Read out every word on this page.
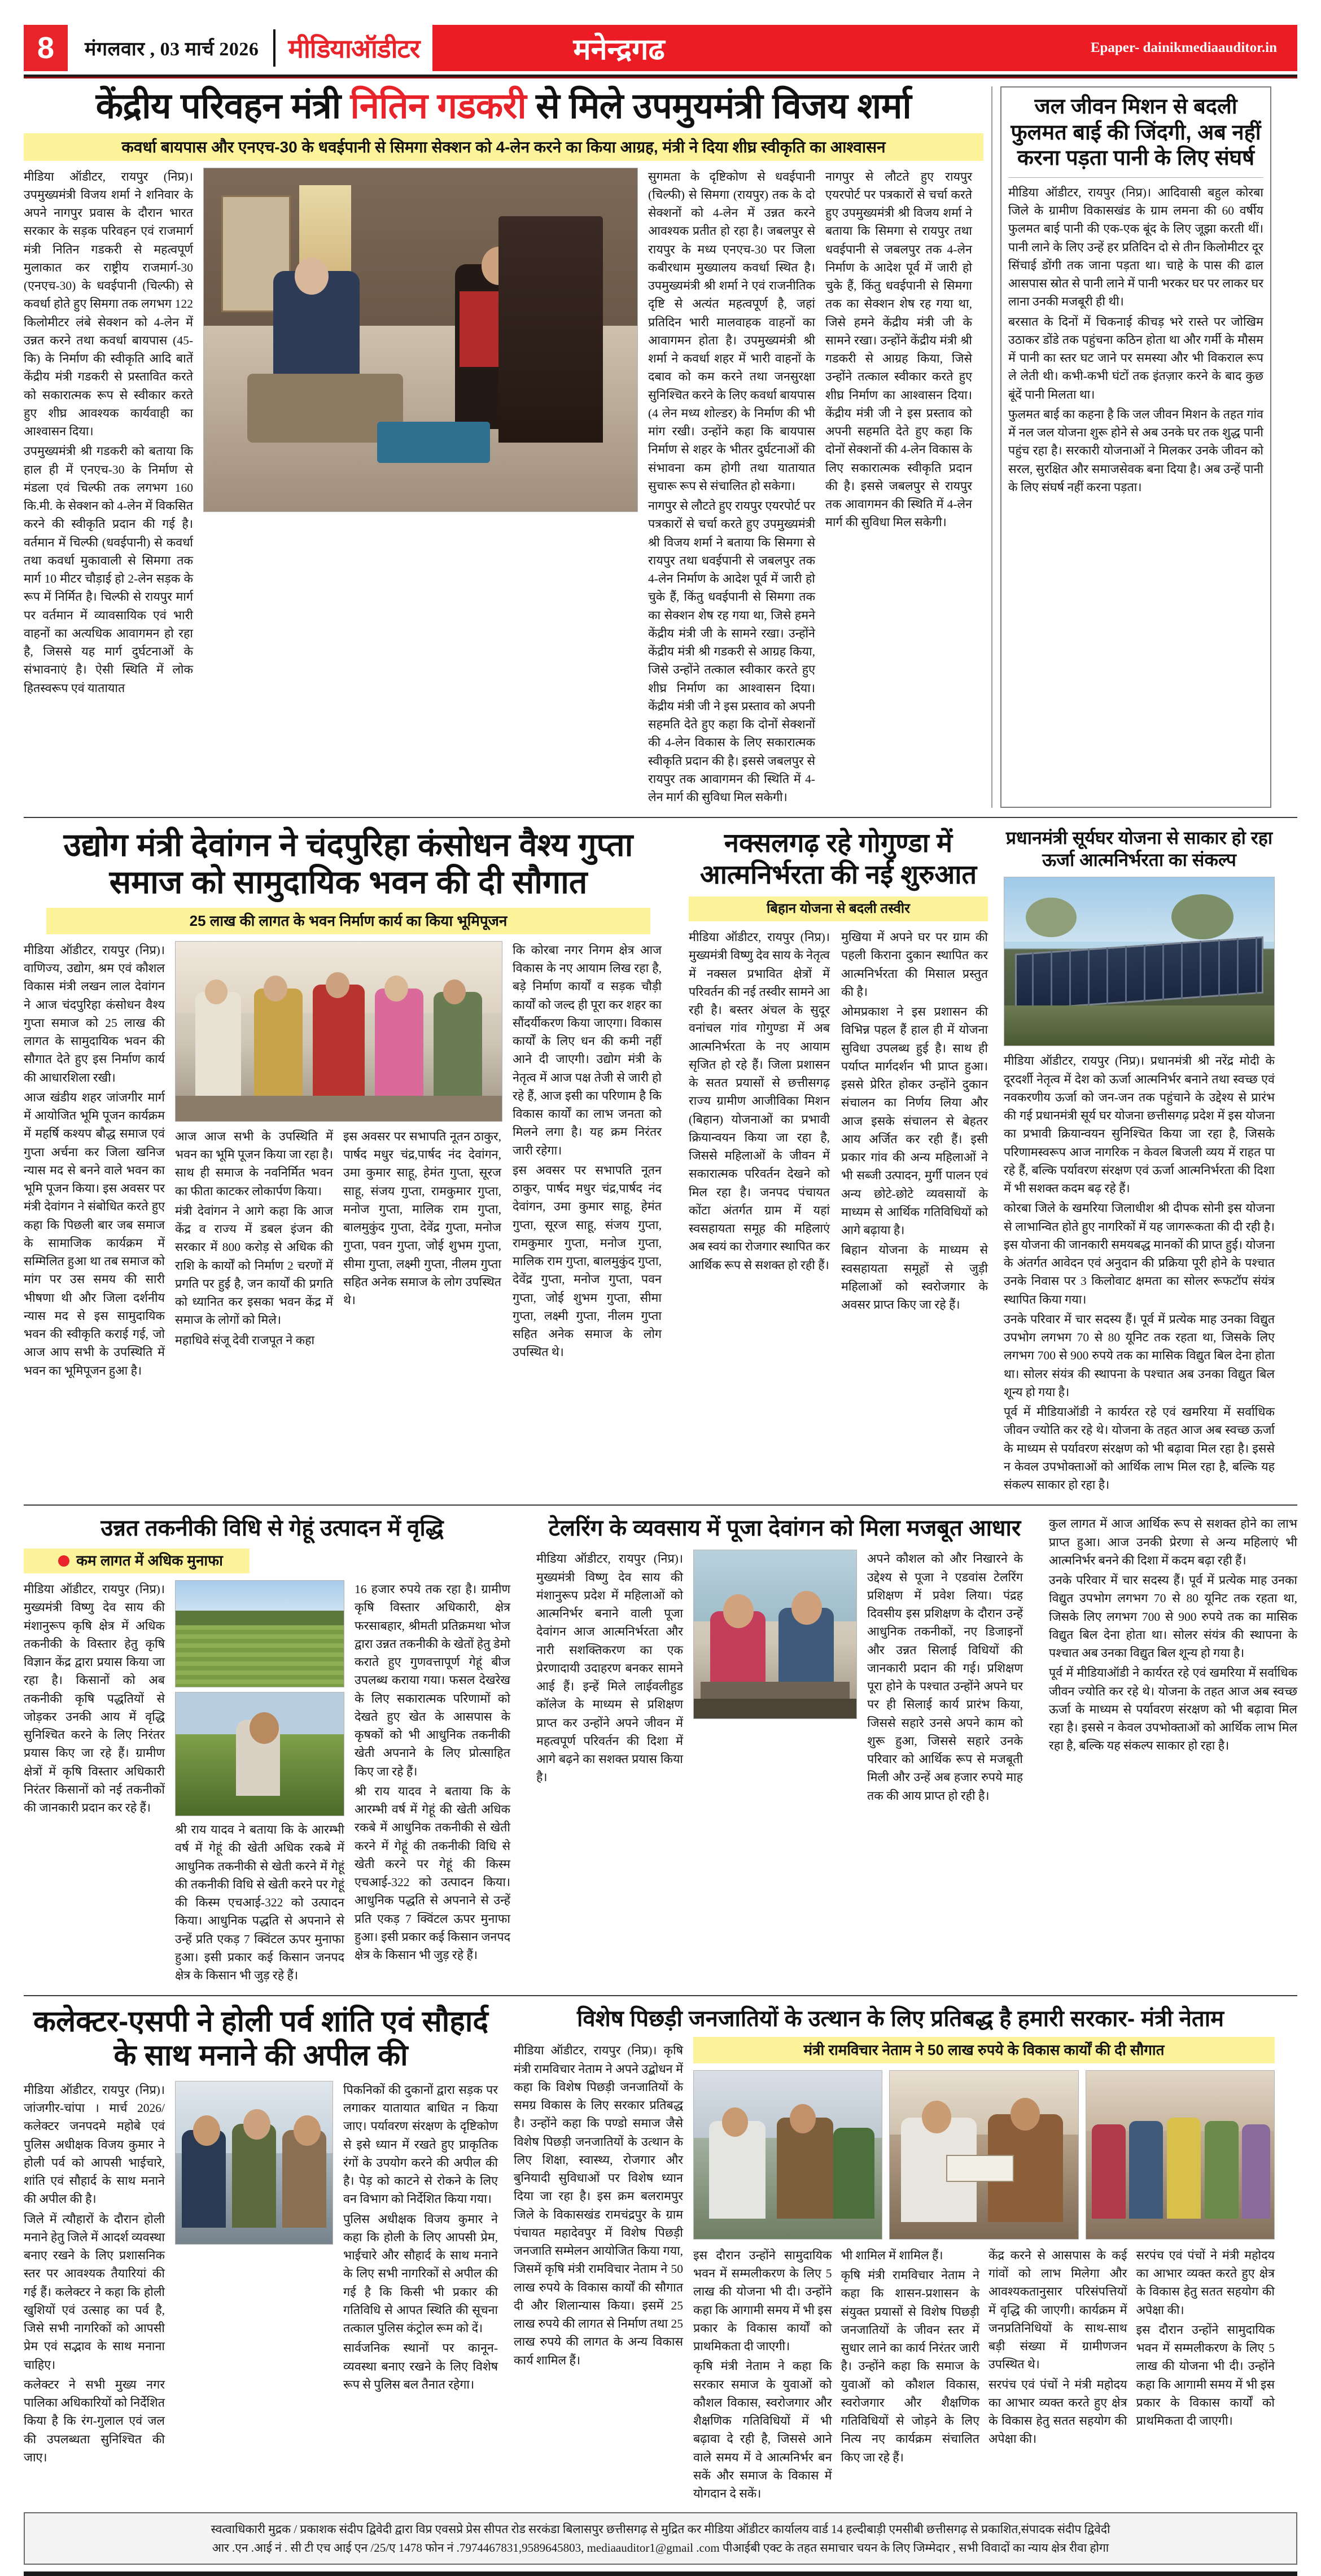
8	मंगलवार , 03 मार्च 2026	मीडियाऑडीटर	मनेन्द्रगढ	Epaper- dainikmediaauditor.in
केंद्रीय परिवहन मंत्री नितिन गडकरी से मिले उपमुयमंत्री विजय शर्मा
कवर्धा बायपास और एनएच-30 के धवईपानी से सिमगा सेक्शन को 4-लेन करने का किया आग्रह, मंत्री ने दिया शीघ्र स्वीकृति का आश्वासन

मीडिया ऑडीटर, रायपुर (निप्र)। उपमुख्यमंत्री विजय शर्मा ने शनिवार के अपने नागपुर प्रवास के दौरान भारत सरकार के सड़क परिवहन एवं राजमार्ग मंत्री नितिन गडकरी से महत्वपूर्ण मुलाकात कर राष्ट्रीय राजमार्ग-30 (एनएच-30) के धवईपानी (चिल्फी) से कवर्धा होते हुए सिमगा तक लगभग 122 किलोमीटर लंबे सेक्शन को 4-लेन में उन्नत करने तथा कवर्धा बायपास (45-कि) के निर्माण की स्वीकृति आदि बातें केंद्रीय मंत्री गडकरी से प्रस्तावित करते को सकारात्मक रूप से स्वीकार करते हुए शीघ्र आवश्यक कार्यवाही का आश्वासन दिया।

उपमुख्यमंत्री श्री गडकरी को बताया कि हाल ही में एनएच-30 के निर्माण से मंडला एवं चिल्फी तक लगभग 160 कि.मी. के सेक्शन को 4-लेन में विकसित करने की स्वीकृति प्रदान की गई है। वर्तमान में चिल्फी (धवईपानी) से कवर्धा तथा कवर्धा मुकावाली से सिमगा तक मार्ग 10 मीटर चौड़ाई हो 2-लेन सड़क के रूप में निर्मित है। चिल्फी से रायपुर मार्ग पर वर्तमान में व्यावसायिक एवं भारी वाहनों का अत्यधिक आवागमन हो रहा है, जिससे यह मार्ग दुर्घटनाओं के संभावनाएं है। ऐसी स्थिति में लोक हितस्वरूप एवं यातायात

सुगमता के दृष्टिकोण से धवईपानी (चिल्फी) से सिमगा (रायपुर) तक के दो सेक्शनों को 4-लेन में उन्नत करने आवश्यक प्रतीत हो रहा है। जबलपुर से रायपुर के मध्य एनएच-30 पर जिला कबीरधाम मुख्यालय कवर्धा स्थित है। उपमुख्यमंत्री श्री शर्मा ने एवं राजनीतिक दृष्टि से अत्यंत महत्वपूर्ण है, जहां प्रतिदिन भारी मालवाहक वाहनों का आवागमन होता है। उपमुख्यमंत्री श्री शर्मा ने कवर्धा शहर में भारी वाहनों के दबाव को कम करने तथा जनसुरक्षा सुनिश्चित करने के लिए कवर्धा बायपास (4 लेन मध्य शोल्डर) के निर्माण की भी मांग रखी। उन्होंने कहा कि बायपास निर्माण से शहर के भीतर दुर्घटनाओं की संभावना कम होगी तथा यातायात सुचारू रूप से संचालित हो सकेगा।

नागपुर से लौटते हुए रायपुर एयरपोर्ट पर पत्रकारों से चर्चा करते हुए उपमुख्यमंत्री श्री विजय शर्मा ने बताया कि सिमगा से रायपुर तथा धवईपानी से जबलपुर तक 4-लेन निर्माण के आदेश पूर्व में जारी हो चुके हैं, किंतु धवईपानी से सिमगा तक का सेक्शन शेष रह गया था, जिसे हमने केंद्रीय मंत्री जी के सामने रखा। उन्होंने केंद्रीय मंत्री श्री गडकरी से आग्रह किया, जिसे उन्होंने तत्काल स्वीकार करते हुए शीघ्र निर्माण का आश्वासन दिया। केंद्रीय मंत्री जी ने इस प्रस्ताव को अपनी सहमति देते हुए कहा कि दोनों सेक्शनों की 4-लेन विकास के लिए सकारात्मक स्वीकृति प्रदान की है। इससे जबलपुर से रायपुर तक आवागमन की स्थिति में 4-लेन मार्ग की सुविधा मिल सकेगी।

नागपुर से लौटते हुए रायपुर एयरपोर्ट पर पत्रकारों से चर्चा करते हुए उपमुख्यमंत्री श्री विजय शर्मा ने बताया कि सिमगा से रायपुर तथा धवईपानी से जबलपुर तक 4-लेन निर्माण के आदेश पूर्व में जारी हो चुके हैं, किंतु धवईपानी से सिमगा तक का सेक्शन शेष रह गया था, जिसे हमने केंद्रीय मंत्री जी के सामने रखा। उन्होंने केंद्रीय मंत्री श्री गडकरी से आग्रह किया, जिसे उन्होंने तत्काल स्वीकार करते हुए शीघ्र निर्माण का आश्वासन दिया। केंद्रीय मंत्री जी ने इस प्रस्ताव को अपनी सहमति देते हुए कहा कि दोनों सेक्शनों की 4-लेन विकास के लिए सकारात्मक स्वीकृति प्रदान की है। इससे जबलपुर से रायपुर तक आवागमन की स्थिति में 4-लेन मार्ग की सुविधा मिल सकेगी।

जल जीवन मिशन से बदली फुलमत बाई की जिंदगी, अब नहीं करना पड़ता पानी के लिए संघर्ष

मीडिया ऑडीटर, रायपुर (निप्र)। आदिवासी बहुल कोरबा जिले के ग्रामीण विकासखंड के ग्राम लमना की 60 वर्षीय फुलमत बाई पानी की एक-एक बूंद के लिए जूझा करती थीं। पानी लाने के लिए उन्हें हर प्रतिदिन दो से तीन किलोमीटर दूर सिंचाई डोंगी तक जाना पड़ता था। चाहे के पास की ढाल आसपास स्रोत से पानी लाने में पानी भरकर घर पर लाकर घर लाना उनकी मजबूरी ही थी।

बरसात के दिनों में चिकनाई कीचड़ भरे रास्ते पर जोखिम उठाकर डोंडे तक पहुंचना कठिन होता था और गर्मी के मौसम में पानी का स्तर घट जाने पर समस्या और भी विकराल रूप ले लेती थी। कभी-कभी घंटों तक इंतज़ार करने के बाद कुछ बूंदें पानी मिलता था।

फुलमत बाई का कहना है कि जल जीवन मिशन के तहत गांव में नल जल योजना शुरू होने से अब उनके घर तक शुद्ध पानी पहुंच रहा है। सरकारी योजनाओं ने मिलकर उनके जीवन को सरल, सुरक्षित और समाजसेवक बना दिया है। अब उन्हें पानी के लिए संघर्ष नहीं करना पड़ता।

उद्योग मंत्री देवांगन ने चंदपुरिहा कंसोधन वैश्य गुप्ता समाज को सामुदायिक भवन की दी सौगात
25 लाख की लागत के भवन निर्माण कार्य का किया भूमिपूजन

मीडिया ऑडीटर, रायपुर (निप्र)। वाणिज्य, उद्योग, श्रम एवं कौशल विकास मंत्री लखन लाल देवांगन ने आज चंदपुरिहा कंसोधन वैश्य गुप्ता समाज को 25 लाख की लागत के सामुदायिक भवन की सौगात देते हुए इस निर्माण कार्य की आधारशिला रखी।

आज खंडीय शहर जांजगीर मार्ग में आयोजित भूमि पूजन कार्यक्रम में महर्षि कश्यप बौद्ध समाज एवं गुप्ता अर्चना कर जिला खनिज न्यास मद से बनने वाले भवन का भूमि पूजन किया। इस अवसर पर मंत्री देवांगन ने संबोधित करते हुए कहा कि पिछली बार जब समाज के सामाजिक कार्यक्रम में सम्मिलित हुआ था तब समाज को मांग पर उस समय की सारी भीषणा थी और जिला दर्शनीय न्यास मद से इस सामुदायिक भवन की स्वीकृति कराई गई, जो आज आप सभी के उपस्थिति में भवन का भूमिपूजन हुआ है।

आज आज सभी के उपस्थिति में भवन का भूमि पूजन किया जा रहा है। साथ ही समाज के नवनिर्मित भवन का फीता काटकर लोकार्पण किया।

मंत्री देवांगन ने आगे कहा कि आज केंद्र व राज्य में डबल इंजन की सरकार में 800 करोड़ से अधिक की राशि के कार्यों को निर्माण 2 चरणों में प्रगति पर हुई है, जन कार्यों की प्रगति को ध्यानित कर इसका भवन केंद्र में समाज के लोगों को मिले।

महाधिवे संजू देवी राजपूत ने कहा

इस अवसर पर सभापति नूतन ठाकुर, पार्षद मधुर चंद्र,पार्षद नंद देवांगन, उमा कुमार साहू, हेमंत गुप्ता, सूरज साहू, संजय गुप्ता, रामकुमार गुप्ता, मनोज गुप्ता, मालिक राम गुप्ता, बालमुकुंद गुप्ता, देवेंद्र गुप्ता, मनोज गुप्ता, पवन गुप्ता, जोई शुभम गुप्ता, सीमा गुप्ता, लक्ष्मी गुप्ता, नीलम गुप्ता सहित अनेक समाज के लोग उपस्थित थे।

कि कोरबा नगर निगम क्षेत्र आज विकास के नए आयाम लिख रहा है, बड़े निर्माण कार्यों व सड़क चौड़ी कार्यों को जल्द ही पूरा कर शहर का सौंदर्यीकरण किया जाएगा। विकास कार्यों के लिए धन की कमी नहीं आने दी जाएगी। उद्योग मंत्री के नेतृत्व में आज पक्ष तेजी से जारी हो रहे हैं, आज इसी का परिणाम है कि विकास कार्यों का लाभ जनता को मिलने लगा है। यह क्रम निरंतर जारी रहेगा।

इस अवसर पर सभापति नूतन ठाकुर, पार्षद मधुर चंद्र,पार्षद नंद देवांगन, उमा कुमार साहू, हेमंत गुप्ता, सूरज साहू, संजय गुप्ता, रामकुमार गुप्ता, मनोज गुप्ता, मालिक राम गुप्ता, बालमुकुंद गुप्ता, देवेंद्र गुप्ता, मनोज गुप्ता, पवन गुप्ता, जोई शुभम गुप्ता, सीमा गुप्ता, लक्ष्मी गुप्ता, नीलम गुप्ता सहित अनेक समाज के लोग उपस्थित थे।

नक्सलगढ़ रहे गोगुण्डा में आत्मनिर्भरता की नई शुरुआत
बिहान योजना से बदली तस्वीर

मीडिया ऑडीटर, रायपुर (निप्र)। मुख्यमंत्री विष्णु देव साय के नेतृत्व में नक्सल प्रभावित क्षेत्रों में परिवर्तन की नई तस्वीर सामने आ रही है। बस्तर अंचल के सुदूर वनांचल गांव गोगुण्डा में अब आत्मनिर्भरता के नए आयाम सृजित हो रहे हैं। जिला प्रशासन के सतत प्रयासों से छत्तीसगढ़ राज्य ग्रामीण आजीविका मिशन (बिहान) योजनाओं का प्रभावी क्रियान्वयन किया जा रहा है, जिससे महिलाओं के जीवन में सकारात्मक परिवर्तन देखने को मिल रहा है। जनपद पंचायत कोंटा अंतर्गत ग्राम में यहां स्वसहायता समूह की महिलाएं अब स्वयं का रोजगार स्थापित कर आर्थिक रूप से सशक्त हो रही हैं।

मुखिया में अपने घर पर ग्राम की पहली किराना दुकान स्थापित कर आत्मनिर्भरता की मिसाल प्रस्तुत की है।

ओमप्रकाश ने इस प्रशासन की विभिन्न पहल हैं हाल ही में योजना सुविधा उपलब्ध हुई है। साथ ही पर्याप्त मार्गदर्शन भी प्राप्त हुआ। इससे प्रेरित होकर उन्होंने दुकान संचालन का निर्णय लिया और आज इसके संचालन से बेहतर आय अर्जित कर रही हैं। इसी प्रकार गांव की अन्य महिलाओं ने भी सब्जी उत्पादन, मुर्गी पालन एवं अन्य छोटे-छोटे व्यवसायों के माध्यम से आर्थिक गतिविधियों को आगे बढ़ाया है।

बिहान योजना के माध्यम से स्वसहायता समूहों से जुड़ी महिलाओं को स्वरोजगार के अवसर प्राप्त किए जा रहे हैं।

प्रधानमंत्री सूर्यघर योजना से साकार हो रहा ऊर्जा आत्मनिर्भरता का संकल्प

मीडिया ऑडीटर, रायपुर (निप्र)। प्रधानमंत्री श्री नरेंद्र मोदी के दूरदर्शी नेतृत्व में देश को ऊर्जा आत्मनिर्भर बनाने तथा स्वच्छ एवं नवकरणीय ऊर्जा को जन-जन तक पहुंचाने के उद्देश्य से प्रारंभ की गई प्रधानमंत्री सूर्य घर योजना छत्तीसगढ़ प्रदेश में इस योजना का प्रभावी क्रियान्वयन सुनिश्चित किया जा रहा है, जिसके परिणामस्वरूप आज नागरिक न केवल बिजली व्यय में राहत पा रहे हैं, बल्कि पर्यावरण संरक्षण एवं ऊर्जा आत्मनिर्भरता की दिशा में भी सशक्त कदम बढ़ रहे हैं।

कोरबा जिले के खमरिया जिलाधीश श्री दीपक सोनी इस योजना से लाभान्वित होते हुए नागरिकों में यह जागरूकता की दी रही है। इस योजना की जानकारी समयबद्ध मानकों की प्राप्त हुई। योजना के अंतर्गत आवेदन एवं अनुदान की प्रक्रिया पूरी होने के पश्चात उनके निवास पर 3 किलोवाट क्षमता का सोलर रूफटॉप संयंत्र स्थापित किया गया।

उनके परिवार में चार सदस्य हैं। पूर्व में प्रत्येक माह उनका विद्युत उपभोग लगभग 70 से 80 यूनिट तक रहता था, जिसके लिए लगभग 700 से 900 रुपये तक का मासिक विद्युत बिल देना होता था। सोलर संयंत्र की स्थापना के पश्चात अब उनका विद्युत बिल शून्य हो गया है।

पूर्व में मीडियाऑडी ने कार्यरत रहे एवं खमरिया में सर्वाधिक जीवन ज्योति कर रहे थे। योजना के तहत आज अब स्वच्छ ऊर्जा के माध्यम से पर्यावरण संरक्षण को भी बढ़ावा मिल रहा है। इससे न केवल उपभोक्ताओं को आर्थिक लाभ मिल रहा है, बल्कि यह संकल्प साकार हो रहा है।

उन्नत तकनीकी विधि से गेहूं उत्पादन में वृद्धि
कम लागत में अधिक मुनाफा

मीडिया ऑडीटर, रायपुर (निप्र)। मुख्यमंत्री विष्णु देव साय की मंशानुरूप कृषि क्षेत्र में अधिक तकनीकी के विस्तार हेतु कृषि विज्ञान केंद्र द्वारा प्रयास किया जा रहा है। किसानों को अब तकनीकी कृषि पद्धतियों से जोड़कर उनकी आय में वृद्धि सुनिश्चित करने के लिए निरंतर प्रयास किए जा रहे हैं। ग्रामीण क्षेत्रों में कृषि विस्तार अधिकारी निरंतर किसानों को नई तकनीकों की जानकारी प्रदान कर रहे हैं।

श्री राय यादव ने बताया कि के आरम्भी वर्ष में गेहूं की खेती अधिक रकबे में आधुनिक तकनीकी से खेती करने में गेहूं की तकनीकी विधि से खेती करने पर गेहूं की किस्म एचआई-322 को उत्पादन किया। आधुनिक पद्धति से अपनाने से उन्हें प्रति एकड़ 7 क्विंटल ऊपर मुनाफा हुआ। इसी प्रकार कई किसान जनपद क्षेत्र के किसान भी जुड़ रहे हैं।

16 हजार रुपये तक रहा है। ग्रामीण कृषि विस्तार अधिकारी, क्षेत्र फरसाबहार, श्रीमती प्रतिक्रमथा भोज द्वारा उन्नत तकनीकी के खेतों हेतु डेमो कराते हुए गुणवत्तापूर्ण गेहूं बीज उपलब्ध कराया गया। फसल देखरेख के लिए सकारात्मक परिणामों को देखते हुए खेत के आसपास के कृषकों को भी आधुनिक तकनीकी खेती अपनाने के लिए प्रोत्साहित किए जा रहे हैं।

श्री राय यादव ने बताया कि के आरम्भी वर्ष में गेहूं की खेती अधिक रकबे में आधुनिक तकनीकी से खेती करने में गेहूं की तकनीकी विधि से खेती करने पर गेहूं की किस्म एचआई-322 को उत्पादन किया। आधुनिक पद्धति से अपनाने से उन्हें प्रति एकड़ 7 क्विंटल ऊपर मुनाफा हुआ। इसी प्रकार कई किसान जनपद क्षेत्र के किसान भी जुड़ रहे हैं।

टेलरिंग के व्यवसाय में पूजा देवांगन को मिला मजबूत आधार

मीडिया ऑडीटर, रायपुर (निप्र)। मुख्यमंत्री विष्णु देव साय की मंशानुरूप प्रदेश में महिलाओं को आत्मनिर्भर बनाने वाली पूजा देवांगन आज आत्मनिर्भरता और नारी सशक्तिकरण का एक प्रेरणादायी उदाहरण बनकर सामने आई हैं। इन्हें मिले लाईवलीहुड कॉलेज के माध्यम से प्रशिक्षण प्राप्त कर उन्होंने अपने जीवन में महत्वपूर्ण परिवर्तन की दिशा में आगे बढ़ने का सशक्त प्रयास किया है।

अपने कौशल को और निखारने के उद्देश्य से पूजा ने एडवांस टेलरिंग प्रशिक्षण में प्रवेश लिया। पंद्रह दिवसीय इस प्रशिक्षण के दौरान उन्हें आधुनिक तकनीकों, नए डिजाइनों और उन्नत सिलाई विधियों की जानकारी प्रदान की गई। प्रशिक्षण पूरा होने के पश्चात उन्होंने अपने घर पर ही सिलाई कार्य प्रारंभ किया, जिससे सहारे उनसे अपने काम को शुरू हुआ, जिससे सहारे उनके परिवार को आर्थिक रूप से मजबूती मिली और उन्हें अब हजार रुपये माह तक की आय प्राप्त हो रही है।

कुल लागत में आज आर्थिक रूप से सशक्त होने का लाभ प्राप्त हुआ। आज उनकी प्रेरणा से अन्य महिलाएं भी आत्मनिर्भर बनने की दिशा में कदम बढ़ा रही हैं।

उनके परिवार में चार सदस्य हैं। पूर्व में प्रत्येक माह उनका विद्युत उपभोग लगभग 70 से 80 यूनिट तक रहता था, जिसके लिए लगभग 700 से 900 रुपये तक का मासिक विद्युत बिल देना होता था। सोलर संयंत्र की स्थापना के पश्चात अब उनका विद्युत बिल शून्य हो गया है।

पूर्व में मीडियाऑडी ने कार्यरत रहे एवं खमरिया में सर्वाधिक जीवन ज्योति कर रहे थे। योजना के तहत आज अब स्वच्छ ऊर्जा के माध्यम से पर्यावरण संरक्षण को भी बढ़ावा मिल रहा है। इससे न केवल उपभोक्ताओं को आर्थिक लाभ मिल रहा है, बल्कि यह संकल्प साकार हो रहा है।

कलेक्टर-एसपी ने होली पर्व शांति एवं सौहार्द के साथ मनाने की अपील की

मीडिया ऑडीटर, रायपुर (निप्र)। जांजगीर-चांपा । मार्च 2026/ कलेक्टर जनपदमे महोबे एवं पुलिस अधीक्षक विजय कुमार ने होली पर्व को आपसी भाईचारे, शांति एवं सौहार्द के साथ मनाने की अपील की है।

जिले में त्यौहारों के दौरान होली मनाने हेतु जिले में आदर्श व्यवस्था बनाए रखने के लिए प्रशासनिक स्तर पर आवश्यक तैयारियां की गई हैं। कलेक्टर ने कहा कि होली खुशियों एवं उत्साह का पर्व है, जिसे सभी नागरिकों को आपसी प्रेम एवं सद्भाव के साथ मनाना चाहिए।

कलेक्टर ने सभी मुख्य नगर पालिका अधिकारियों को निर्देशित किया है कि रंग-गुलाल एवं जल की उपलब्धता सुनिश्चित की जाए।

पिकनिकों की दुकानों द्वारा सड़क पर लगाकर यातायात बाधित न किया जाए। पर्यावरण संरक्षण के दृष्टिकोण से इसे ध्यान में रखते हुए प्राकृतिक रंगों के उपयोग करने की अपील की है। पेड़ को काटने से रोकने के लिए वन विभाग को निर्देशित किया गया।

पुलिस अधीक्षक विजय कुमार ने कहा कि होली के लिए आपसी प्रेम, भाईचारे और सौहार्द के साथ मनाने के लिए सभी नागरिकों से अपील की गई है कि किसी भी प्रकार की गतिविधि से आपत स्थिति की सूचना तत्काल पुलिस कंट्रोल रूम को दें।

सार्वजनिक स्थानों पर कानून-व्यवस्था बनाए रखने के लिए विशेष रूप से पुलिस बल तैनात रहेगा।

विशेष पिछड़ी जनजातियों के उत्थान के लिए प्रतिबद्ध है हमारी सरकार- मंत्री नेताम

मीडिया ऑडीटर, रायपुर (निप्र)। कृषि मंत्री रामविचार नेताम ने अपने उद्बोधन में कहा कि विशेष पिछड़ी जनजातियों के समग्र विकास के लिए सरकार प्रतिबद्ध है। उन्होंने कहा कि पण्डो समाज जैसे विशेष पिछड़ी जनजातियों के उत्थान के लिए शिक्षा, स्वास्थ्य, रोजगार और बुनियादी सुविधाओं पर विशेष ध्यान दिया जा रहा है। इस क्रम बलरामपुर जिले के विकासखंड रामचंद्रपुर के ग्राम पंचायत महादेवपुर में विशेष पिछड़ी जनजाति सम्मेलन आयोजित किया गया, जिसमें कृषि मंत्री रामविचार नेताम ने 50 लाख रुपये के विकास कार्यों की सौगात दी और शिलान्यास किया। इसमें 25 लाख रुपये की लागत से निर्माण तथा 25 लाख रुपये की लागत के अन्य विकास कार्य शामिल हैं।

मंत्री रामविचार नेताम ने 50 लाख रुपये के विकास कार्यों की दी सौगात

इस दौरान उन्होंने सामुदायिक भवन में सम्मलीकरण के लिए 5 लाख की योजना भी दी। उन्होंने कहा कि आगामी समय में भी इस प्रकार के विकास कार्यों को प्राथमिकता दी जाएगी।

कृषि मंत्री नेताम ने कहा कि सरकार समाज के युवाओं को कौशल विकास, स्वरोजगार और शैक्षणिक गतिविधियों में भी बढ़ावा दे रही है, जिससे आने वाले समय में वे आत्मनिर्भर बन सकें और समाज के विकास में योगदान दे सकें।

भी शामिल में शामिल हैं।

कृषि मंत्री रामविचार नेताम ने कहा कि शासन-प्रशासन के संयुक्त प्रयासों से विशेष पिछड़ी जनजातियों के जीवन स्तर में सुधार लाने का कार्य निरंतर जारी है। उन्होंने कहा कि समाज के युवाओं को कौशल विकास, स्वरोजगार और शैक्षणिक गतिविधियों से जोड़ने के लिए नित्य नए कार्यक्रम संचालित किए जा रहे हैं।

केंद्र करने से आसपास के कई गांवों को लाभ मिलेगा और आवश्यकतानुसार परिसंपत्तियों में वृद्धि की जाएगी। कार्यक्रम में जनप्रतिनिधियों के साथ-साथ बड़ी संख्या में ग्रामीणजन उपस्थित थे।

सरपंच एवं पंचों ने मंत्री महोदय का आभार व्यक्त करते हुए क्षेत्र के विकास हेतु सतत सहयोग की अपेक्षा की।

सरपंच एवं पंचों ने मंत्री महोदय का आभार व्यक्त करते हुए क्षेत्र के विकास हेतु सतत सहयोग की अपेक्षा की।

इस दौरान उन्होंने सामुदायिक भवन में सम्मलीकरण के लिए 5 लाख की योजना भी दी। उन्होंने कहा कि आगामी समय में भी इस प्रकार के विकास कार्यों को प्राथमिकता दी जाएगी।

स्वत्वाधिकारी मुद्रक / प्रकाशक संदीप द्विवेदी द्वारा विप्र एवसप्रे प्रेस सीपत रोड सरकंडा बिलासपुर छत्तीसगढ़ से मुद्रित कर मीडिया ऑडीटर कार्यालय वार्ड 14 हल्दीबाड़ी एमसीबी छत्तीसगढ़ से प्रकाशित,संपादक संदीप द्विवेदी
आर .एन .आई नं . सी टी एच आई एन /25/ए 1478 फोन नं .7974467831,9589645803, mediaauditor1@gmail .com पीआईबी एक्ट के तहत समाचार चयन के लिए जिम्मेदार , सभी विवादों का न्याय क्षेत्र रीवा होगा
